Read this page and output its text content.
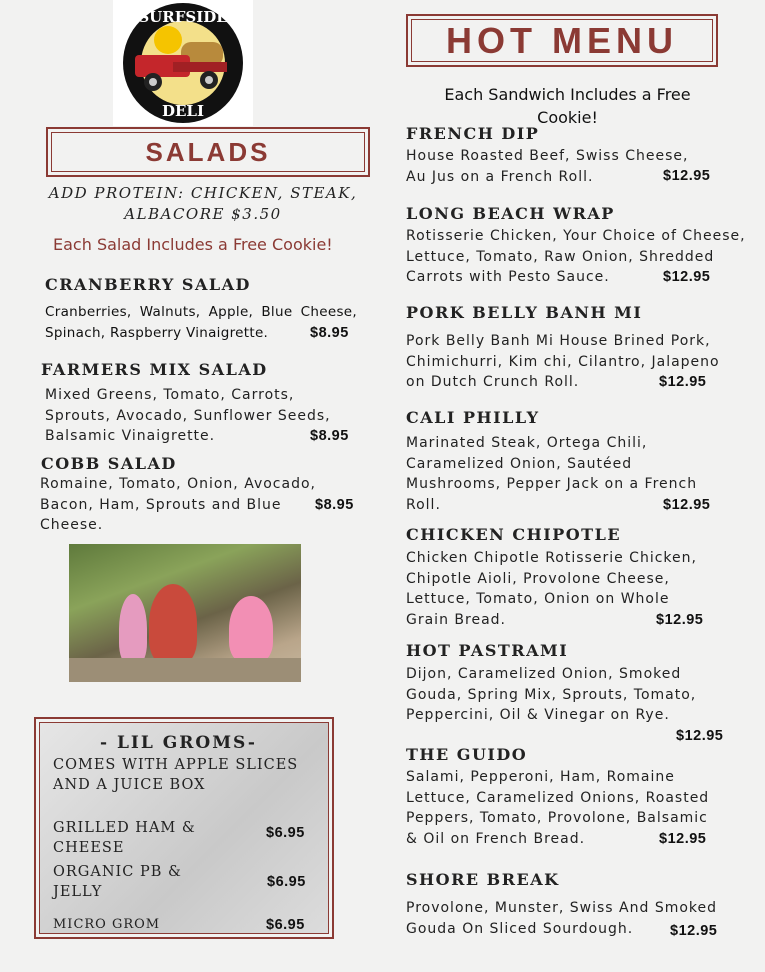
SURFSIDE
DELI
SALADS
ADD PROTEIN: CHICKEN, STEAK, ALBACORE $3.50
Each Salad Includes a Free Cookie!
CRANBERRY SALAD
Cranberries, Walnuts, Apple, Blue Cheese, Spinach, Raspberry Vinaigrette.	$8.95
FARMERS MIX SALAD
Mixed Greens, Tomato, Carrots, Sprouts, Avocado, Sunflower Seeds, Balsamic Vinaigrette.	$8.95
COBB SALAD
Romaine, Tomato, Onion, Avocado, Bacon, Ham, Sprouts and Blue Cheese.
$8.95
- LIL GROMS-
COMES WITH APPLE SLICES AND A JUICE BOX
GRILLED HAM & CHEESE
$6.95
ORGANIC PB & JELLY
$6.95
MICRO GROM	$6.95
HOT MENU
Each Sandwich Includes a Free Cookie!
FRENCH DIP
House Roasted Beef, Swiss Cheese, Au Jus on a French Roll.	$12.95
LONG BEACH WRAP
Rotisserie Chicken, Your Choice of Cheese, Lettuce, Tomato, Raw Onion, Shredded Carrots with Pesto Sauce.	$12.95
PORK BELLY BANH MI
Pork Belly Banh Mi House Brined Pork, Chimichurri, Kim chi, Cilantro, Jalapeno on Dutch Crunch Roll.	$12.95
CALI PHILLY
Marinated Steak, Ortega Chili, Caramelized Onion, Sautéed Mushrooms, Pepper Jack on a French Roll.	$12.95
CHICKEN CHIPOTLE
Chicken Chipotle Rotisserie Chicken, Chipotle Aioli, Provolone Cheese, Lettuce, Tomato, Onion on Whole Grain Bread.	$12.95
HOT PASTRAMI
Dijon, Caramelized Onion, Smoked Gouda, Spring Mix, Sprouts, Tomato, Peppercini, Oil & Vinegar on Rye.
$12.95
THE GUIDO
Salami, Pepperoni, Ham, Romaine Lettuce, Caramelized Onions, Roasted Peppers, Tomato, Provolone, Balsamic & Oil on French Bread.	$12.95
SHORE BREAK
Provolone, Munster, Swiss And Smoked Gouda On Sliced Sourdough.	$12.95
